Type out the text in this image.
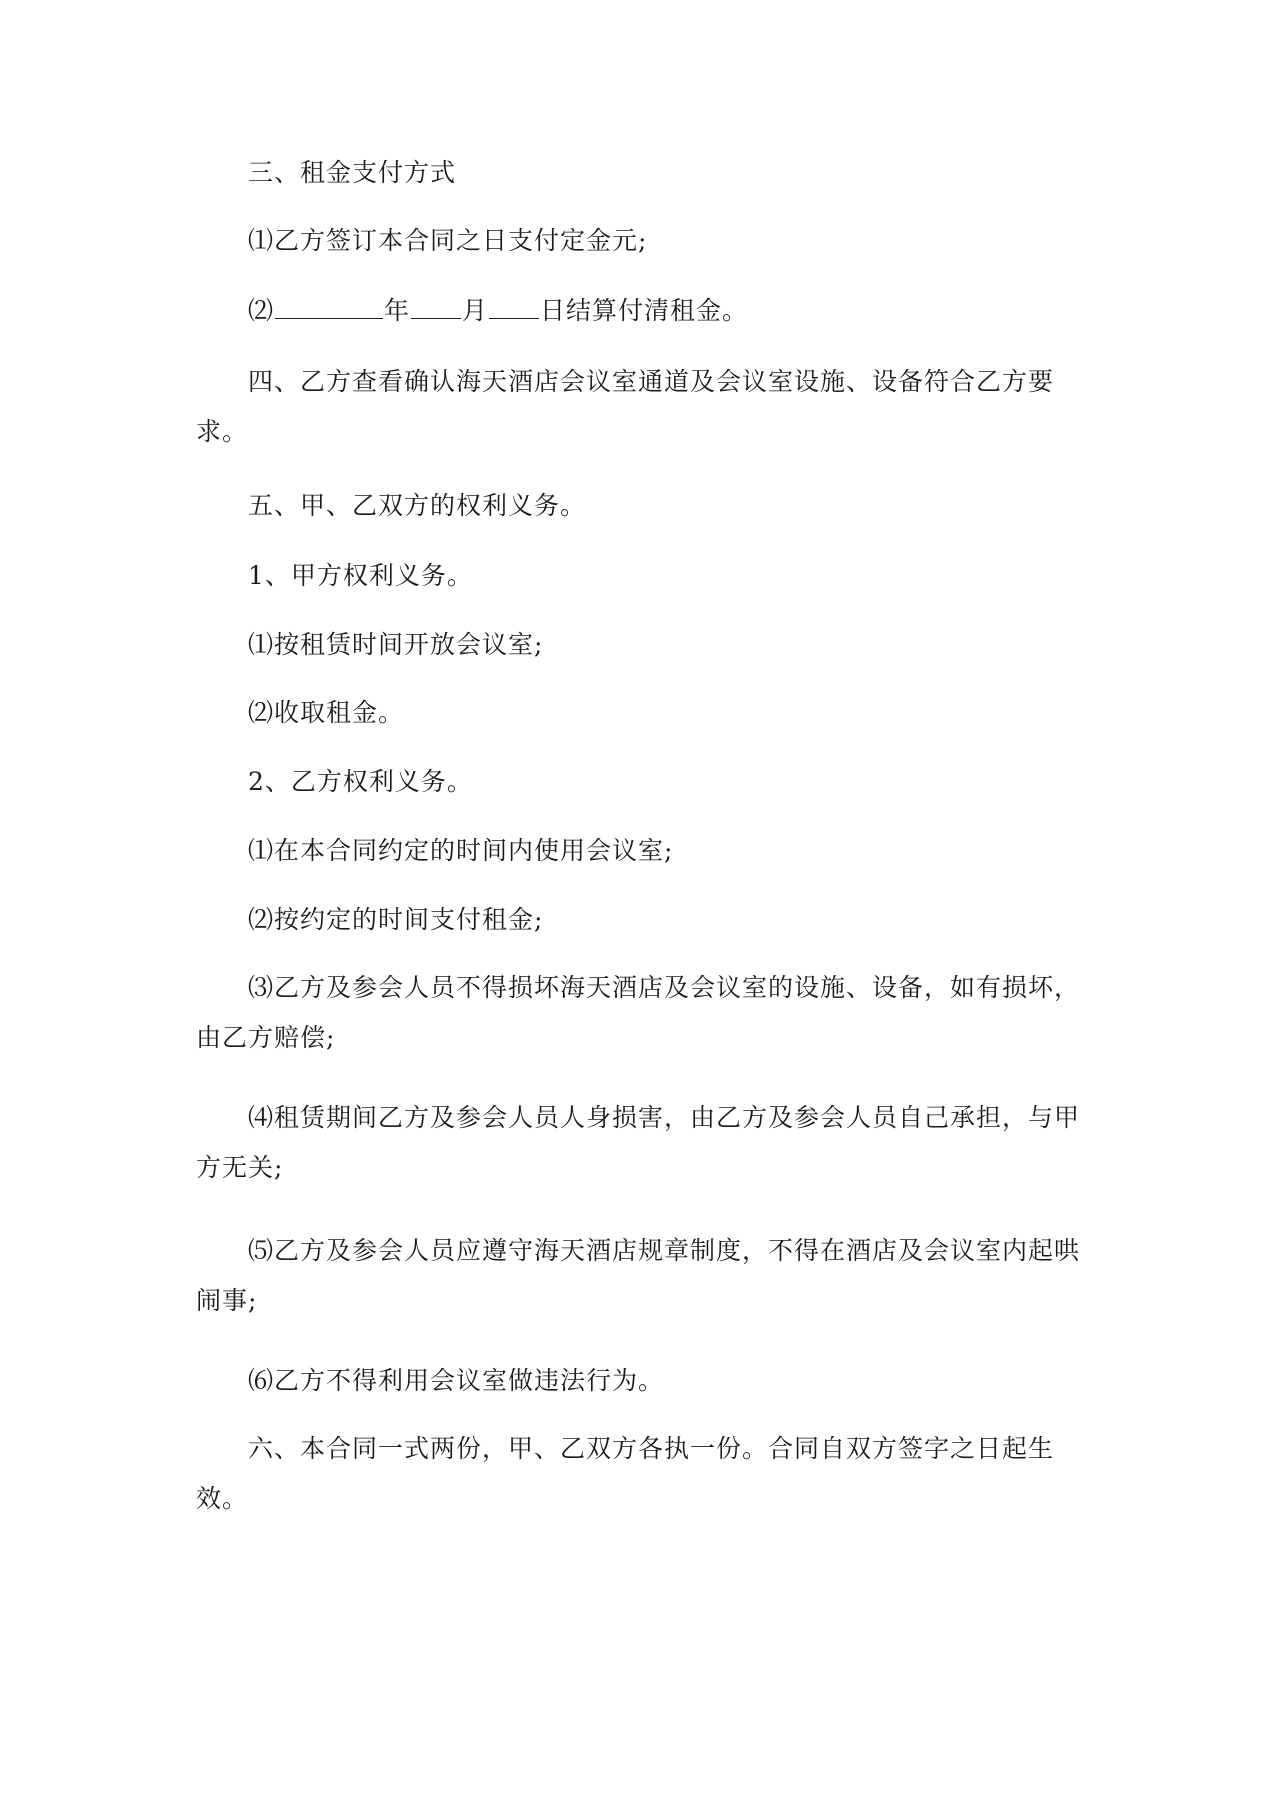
三、租金支付方式
⑴乙方签订本合同之日支付定金元;
⑵	年 月 日结算付清租金。
四、乙方查看确认海天酒店会议室通道及会议室设施、设备符合乙方要求。
五、甲、乙双方的权利义务。
1、甲方权利义务。
⑴按租赁时间开放会议室;
⑵收取租金。
2、乙方权利义务。
⑴在本合同约定的时间内使用会议室;
⑵按约定的时间支付租金;
⑶乙方及参会人员不得损坏海天酒店及会议室的设施、设备，如有损坏，由乙方赔偿;
⑷租赁期间乙方及参会人员人身损害，由乙方及参会人员自己承担，与甲方无关;
⑸乙方及参会人员应遵守海天酒店规章制度，不得在酒店及会议室内起哄闹事;
⑹乙方不得利用会议室做违法行为。
六、本合同一式两份，甲、乙双方各执一份。合同自双方签字之日起生效。
